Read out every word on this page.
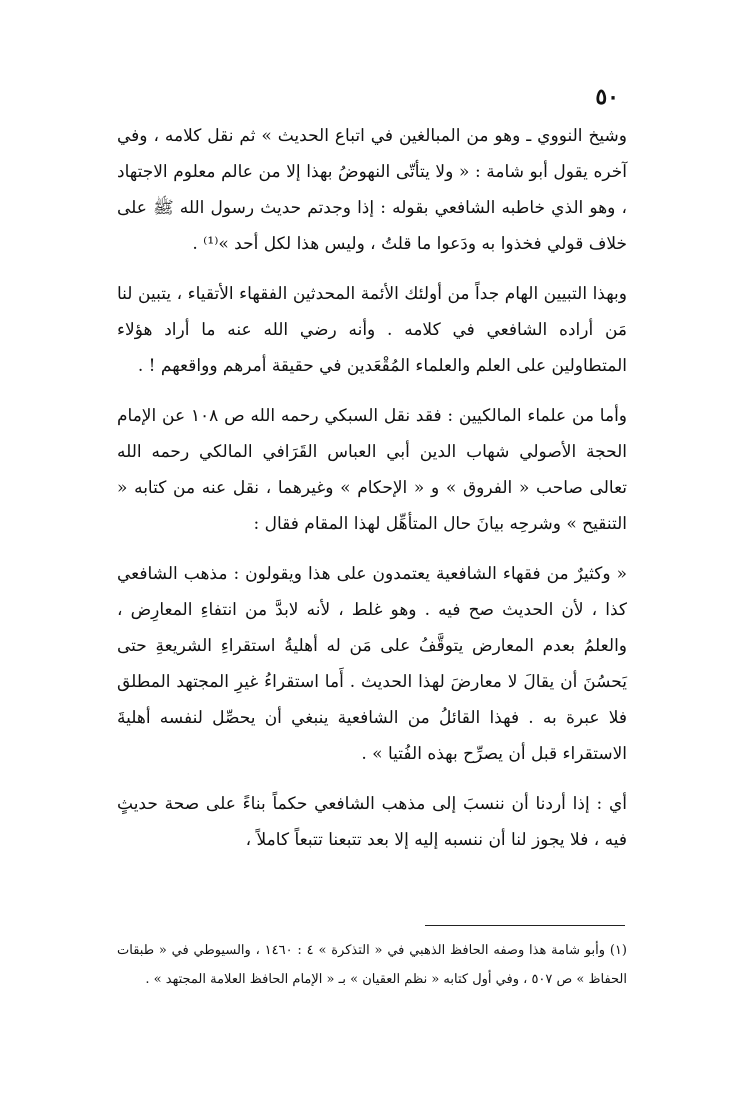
٥٠

وشيخ النووي ـ وهو من المبالغين في اتباع الحديث » ثم نقل كلامه ، وفي آخره يقول أبو شامة : « ولا يتأتّى النهوضُ بهذا إلا من عالم معلوم الاجتهاد ، وهو الذي خاطبه الشافعي بقوله : إذا وجدتم حديث رسول الله ﷺ على خلاف قولي فخذوا به ودَعوا ما قلتُ ، وليس هذا لكل أحد »⁽¹⁾ .

وبهذا التبيين الهام جداً من أولئك الأئمة المحدثين الفقهاء الأتقياء ، يتبين لنا مَن أراده الشافعي في كلامه . وأنه رضي الله عنه ما أراد هؤلاء المتطاولين على العلم والعلماء المُقْعَدين في حقيقة أمرهم وواقعهم ! .

وأما من علماء المالكيين : فقد نقل السبكي رحمه الله ص ١٠٨ عن الإمام الحجة الأصولي شهاب الدين أبي العباس القَرَافي المالكي رحمه الله تعالى صاحب « الفروق » و « الإحكام » وغيرهما ، نقل عنه من كتابه « التنقيح » وشرحِه بيانَ حال المتأهِّل لهذا المقام فقال :

« وكثيرٌ من فقهاء الشافعية يعتمدون على هذا ويقولون : مذهب الشافعي كذا ، لأن الحديث صح فيه . وهو غلط ، لأنه لابدَّ من انتفاءِ المعارِض ، والعلمُ بعدم المعارض يتوقَّفُ على مَن له أهليةُ استقراءِ الشريعةِ حتى يَحسُنَ أن يقالَ لا معارضَ لهذا الحديث . أَما استقراءُ غيرِ المجتهد المطلق فلا عبرة به . فهذا القائلُ من الشافعية ينبغي أن يحصِّل لنفسه أهليةَ الاستقراء قبل أن يصرِّح بهذه الفُتيا » .

أي : إذا أردنا أن ننسبَ إلى مذهب الشافعي حكماً بناءً على صحة حديثٍ فيه ، فلا يجوز لنا أن ننسبه إليه إلا بعد تتبعنا تتبعاً كاملاً ،

(١) وأبو شامة هذا وصفه الحافظ الذهبي في « التذكرة » ٤ : ١٤٦٠ ، والسيوطي في « طبقات الحفاظ » ص ٥٠٧ ، وفي أول كتابه « نظم العقيان » بـ « الإمام الحافظ العلامة المجتهد » .
